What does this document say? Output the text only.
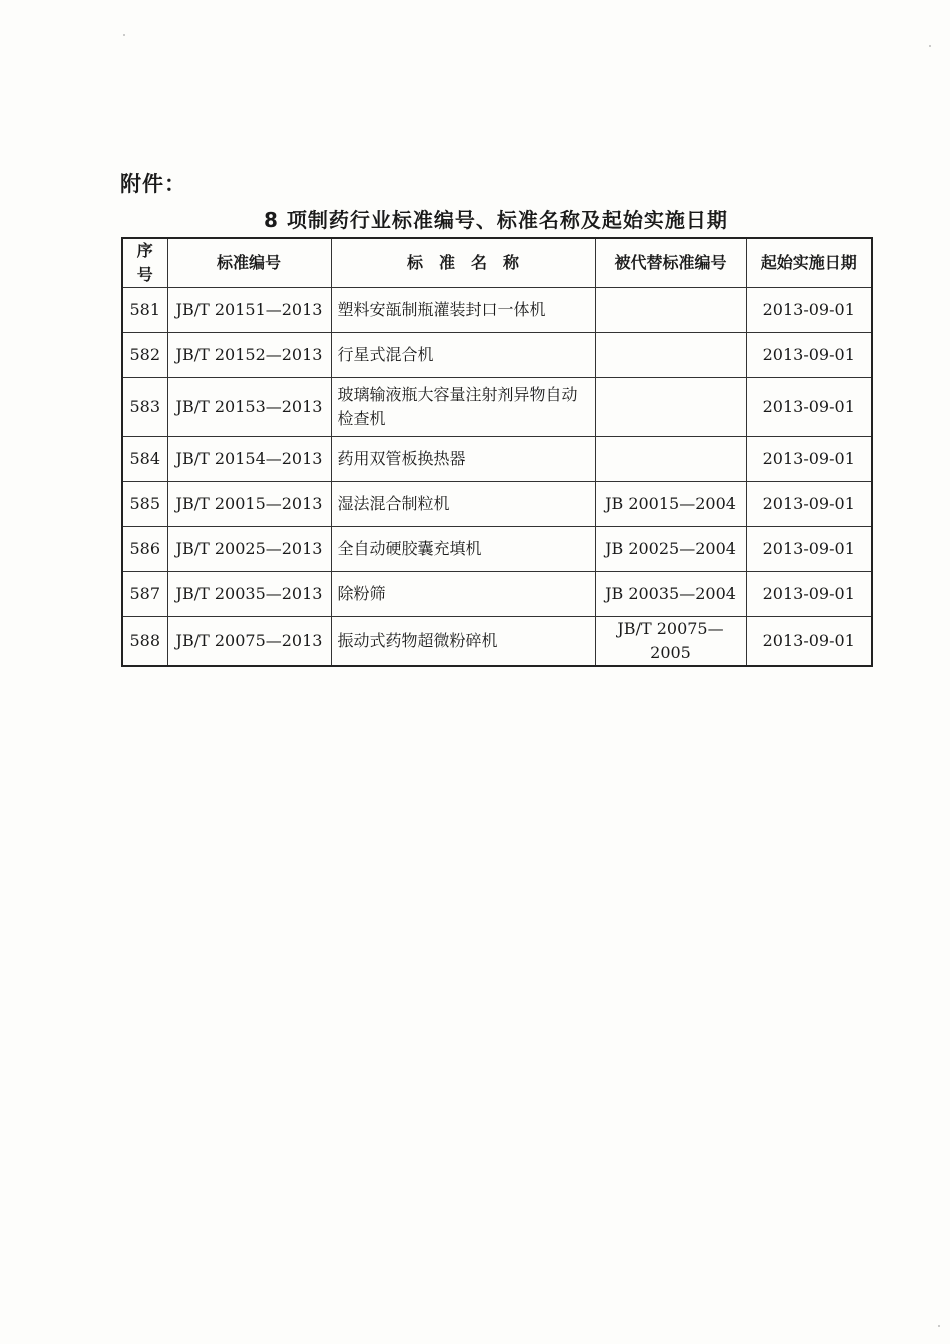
附件：
8 项制药行业标准编号、标准名称及起始实施日期
序号	标准编号	标　准　名　称	被代替标准编号	起始实施日期
581	JB/T 20151—2013	塑料安瓿制瓶灌装封口一体机		2013-09-01
582	JB/T 20152—2013	行星式混合机		2013-09-01
583	JB/T 20153—2013	玻璃输液瓶大容量注射剂异物自动检查机		2013-09-01
584	JB/T 20154—2013	药用双管板换热器		2013-09-01
585	JB/T 20015—2013	湿法混合制粒机	JB 20015—2004	2013-09-01
586	JB/T 20025—2013	全自动硬胶囊充填机	JB 20025—2004	2013-09-01
587	JB/T 20035—2013	除粉筛	JB 20035—2004	2013-09-01
588	JB/T 20075—2013	振动式药物超微粉碎机	JB/T 20075—2005	2013-09-01
